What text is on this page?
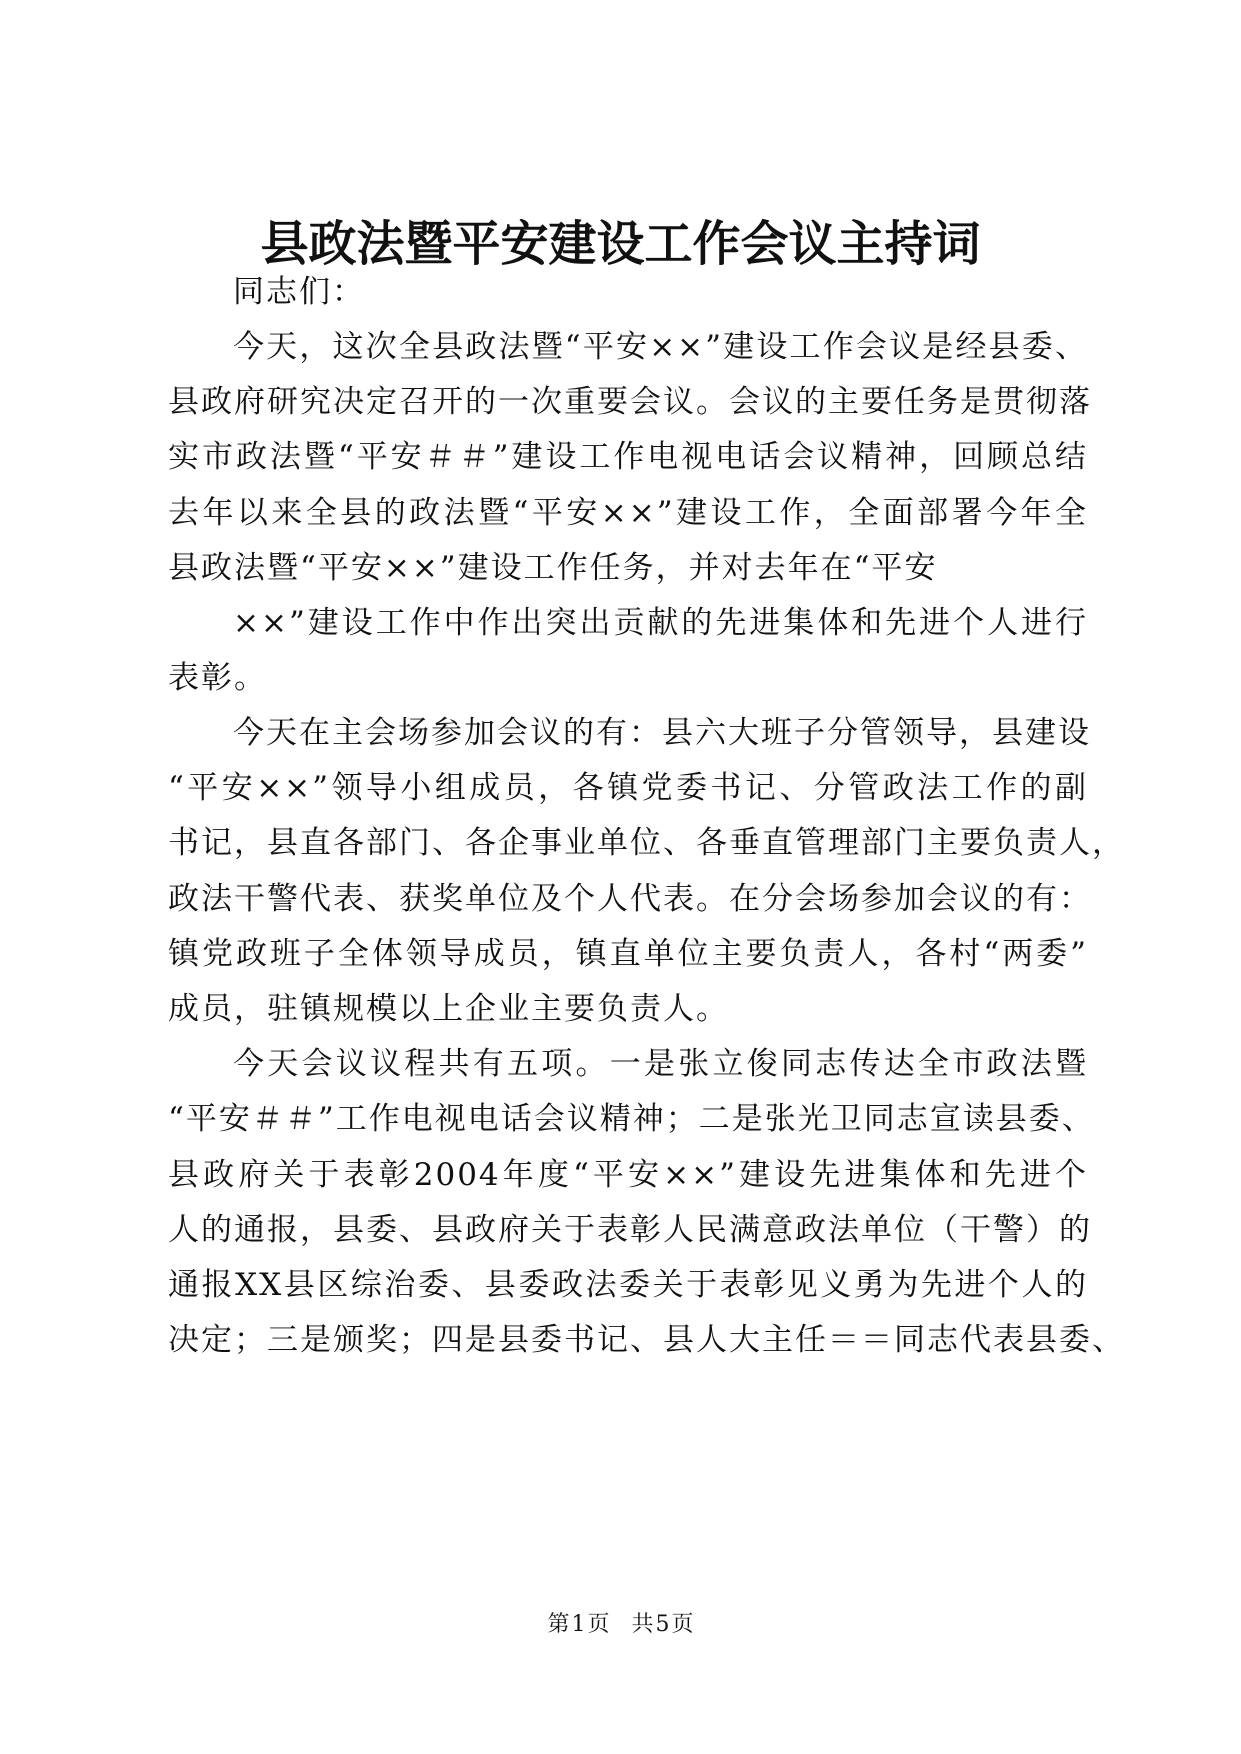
县政法暨平安建设工作会议主持词
同志们：
今天，这次全县政法暨“平安××”建设工作会议是经县委、
县政府研究决定召开的一次重要会议。会议的主要任务是贯彻落
实市政法暨“平安＃＃”建设工作电视电话会议精神，回顾总结
去年以来全县的政法暨“平安××”建设工作，全面部署今年全
县政法暨“平安××”建设工作任务，并对去年在“平安
××”建设工作中作出突出贡献的先进集体和先进个人进行
表彰。
今天在主会场参加会议的有：县六大班子分管领导，县建设
“平安××”领导小组成员，各镇党委书记、分管政法工作的副
书记，县直各部门、各企事业单位、各垂直管理部门主要负责人，
政法干警代表、获奖单位及个人代表。在分会场参加会议的有：
镇党政班子全体领导成员，镇直单位主要负责人，各村“两委”
成员，驻镇规模以上企业主要负责人。
今天会议议程共有五项。一是张立俊同志传达全市政法暨
“平安＃＃”工作电视电话会议精神；二是张光卫同志宣读县委、
县政府关于表彰2004年度“平安××”建设先进集体和先进个
人的通报，县委、县政府关于表彰人民满意政法单位（干警）的
通报XX县区综治委、县委政法委关于表彰见义勇为先进个人的
决定；三是颁奖；四是县委书记、县人大主任＝＝同志代表县委、
第1页 共5页
